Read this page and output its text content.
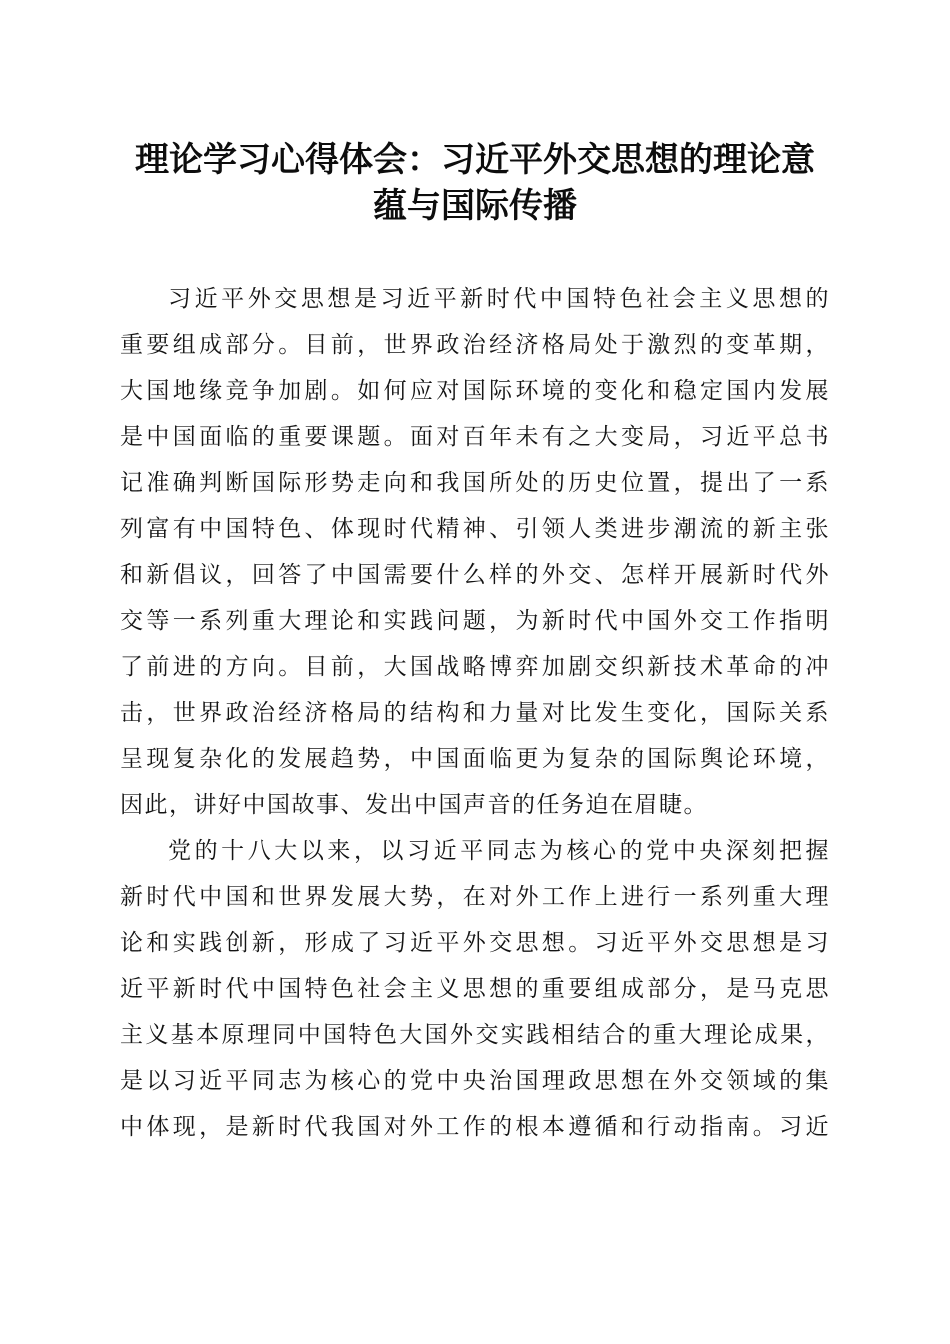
理论学习心得体会：习近平外交思想的理论意
蕴与国际传播
习近平外交思想是习近平新时代中国特色社会主义思想的
重要组成部分。目前，世界政治经济格局处于激烈的变革期，
大国地缘竞争加剧。如何应对国际环境的变化和稳定国内发展
是中国面临的重要课题。面对百年未有之大变局，习近平总书
记准确判断国际形势走向和我国所处的历史位置，提出了一系
列富有中国特色、体现时代精神、引领人类进步潮流的新主张
和新倡议，回答了中国需要什么样的外交、怎样开展新时代外
交等一系列重大理论和实践问题，为新时代中国外交工作指明
了前进的方向。目前，大国战略博弈加剧交织新技术革命的冲
击，世界政治经济格局的结构和力量对比发生变化，国际关系
呈现复杂化的发展趋势，中国面临更为复杂的国际舆论环境，
因此，讲好中国故事、发出中国声音的任务迫在眉睫。
党的十八大以来，以习近平同志为核心的党中央深刻把握
新时代中国和世界发展大势，在对外工作上进行一系列重大理
论和实践创新，形成了习近平外交思想。习近平外交思想是习
近平新时代中国特色社会主义思想的重要组成部分，是马克思
主义基本原理同中国特色大国外交实践相结合的重大理论成果，
是以习近平同志为核心的党中央治国理政思想在外交领域的集
中体现，是新时代我国对外工作的根本遵循和行动指南。习近
